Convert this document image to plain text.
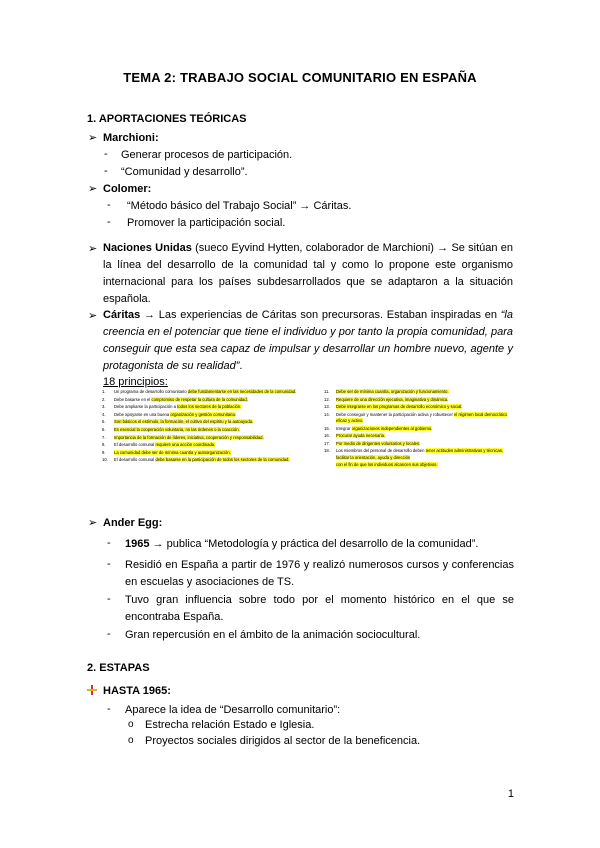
TEMA 2: TRABAJO SOCIAL COMUNITARIO EN ESPAÑA
1. APORTACIONES TEÓRICAS
➢ Marchioni:
- Generar procesos de participación.
- “Comunidad y desarrollo”.
➢ Colomer:
- “Método básico del Trabajo Social” → Cáritas.
- Promover la participación social.
➢ Naciones Unidas (sueco Eyvind Hytten, colaborador de Marchioni) → Se sitúan en la línea del desarrollo de la comunidad tal y como lo propone este organismo internacional para los países subdesarrollados que se adaptaron a la situación española.
➢ Cáritas → Las experiencias de Cáritas son precursoras. Estaban inspiradas en “la creencia en el potenciar que tiene el individuo y por tanto la propia comunidad, para conseguir que esta sea capaz de impulsar y desarrollar un hombre nuevo, agente y protagonista de su realidad”.
18 principios:
1.	Un programa de desarrollo comunitario debe fundamentarse en las necesidades de la comunidad.
2.	Debe basarse en el compromiso de respetar la cultura de la comunidad.
3.	Debe ampliarse la participación a todos los sectores de la población.
4.	Debe apoyarse en una buena organización y gestión comunitaria.
5.	Son básicos el estímulo, la formación, el cultivo del espíritu y la autoayuda.
6.	Es esencial la cooperación voluntaria, no las órdenes o la coacción.
7.	Importancia de la formación de líderes, iniciativa, cooperación y responsabilidad.
8.	El desarrollo comunal requiere una acción coordinada.
9.	La comunidad debe ser de mínima cuantía y autoorganización.
10.	El desarrollo comunal debe basarse en la participación de todos los sectores de la comunidad.
11.	Debe ser de mínima cuantía, organización y funcionamiento.
12.	Requiere de una dirección ejecutiva, imaginativa y dinámica.
13.	Debe integrarse en los programas de desarrollo económico y social.
14.	Debe conseguir y mantener la participación activa y robustecer el régimen local democrático eficaz y activo.
15.	Integrar organizaciones independientes al gobierno.
16.	Procurar ayuda necesaria.
17.	Por medio de dirigentes voluntarios y locales.
18.	Los miembros del personal de desarrollo deben tener actitudes administrativas y técnicas, facilitar la orientación, ayuda y dirección
con el fin de que los individuos alcancen sus objetivos.
➢ Ander Egg:
- 1965 → publica “Metodología y práctica del desarrollo de la comunidad”.
- Residió en España a partir de 1976 y realizó numerosos cursos y conferencias en escuelas y asociaciones de TS.
- Tuvo gran influencia sobre todo por el momento histórico en el que se encontraba España.
- Gran repercusión en el ámbito de la animación sociocultural.
2. ESTAPAS
HASTA 1965:
- Aparece la idea de “Desarrollo comunitario”:
o Estrecha relación Estado e Iglesia.
o Proyectos sociales dirigidos al sector de la beneficencia.
1
